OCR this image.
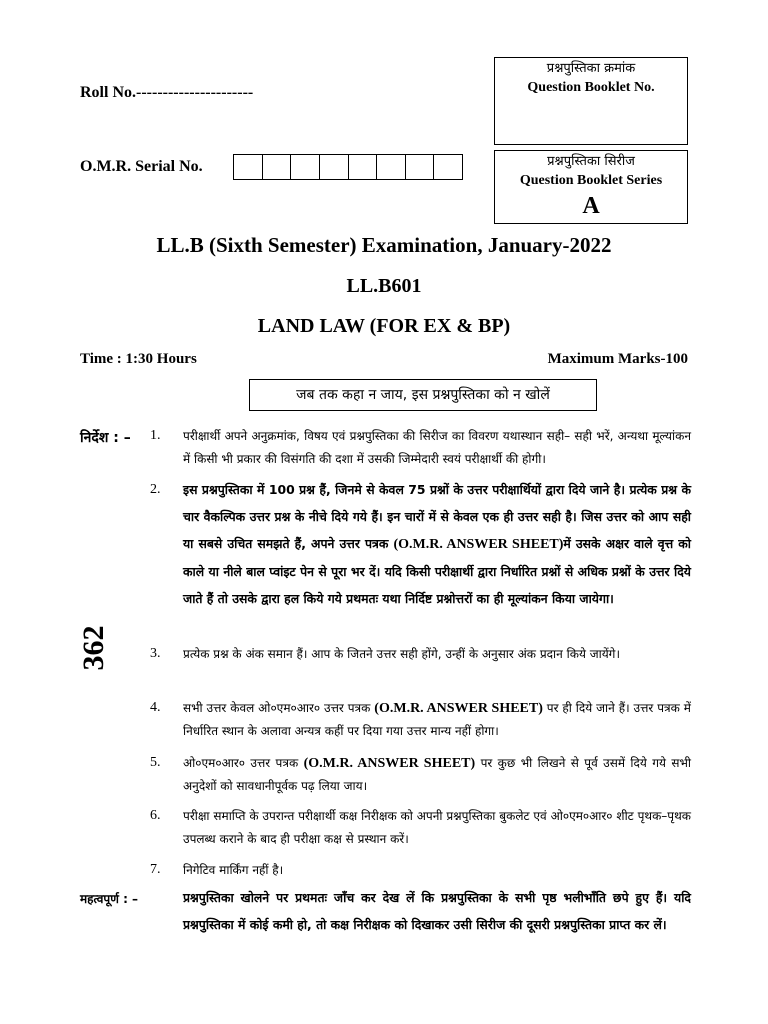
Roll No.----------------------
O.M.R. Serial No.
प्रश्नपुस्तिका क्रमांक
Question Booklet No.
प्रश्नपुस्तिका सिरीज
Question Booklet Series
A
LL.B (Sixth Semester) Examination, January-2022
LL.B601
LAND LAW (FOR EX & BP)
Time : 1:30 Hours	Maximum Marks-100
जब तक कहा न जाय, इस प्रश्नपुस्तिका को न खोलें
362
निर्देश : – 1. परीक्षार्थी अपने अनुक्रमांक, विषय एवं प्रश्नपुस्तिका की सिरीज का विवरण यथास्थान सही– सही भरें, अन्यथा मूल्यांकन में किसी भी प्रकार की विसंगति की दशा में उसकी जिम्मेदारी स्वयं परीक्षार्थी की होगी।
2. इस प्रश्नपुस्तिका में 100 प्रश्न हैं, जिनमे से केवल 75 प्रश्नों के उत्तर परीक्षार्थियों द्वारा दिये जाने है। प्रत्येक प्रश्न के चार वैकल्पिक उत्तर प्रश्न के नीचे दिये गये हैं। इन चारों में से केवल एक ही उत्तर सही है। जिस उत्तर को आप सही या सबसे उचित समझते हैं, अपने उत्तर पत्रक (O.M.R. ANSWER SHEET)में उसके अक्षर वाले वृत्त को काले या नीले बाल प्वांइट पेन से पूरा भर दें। यदि किसी परीक्षार्थी द्वारा निर्धारित प्रश्नों से अधिक प्रश्नों के उत्तर दिये जाते हैं तो उसके द्वारा हल किये गये प्रथमतः यथा निर्दिष्ट प्रश्नोत्तरों का ही मूल्यांकन किया जायेगा।
3. प्रत्येक प्रश्न के अंक समान हैं। आप के जितने उत्तर सही होंगे, उन्हीं के अनुसार अंक प्रदान किये जायेंगे।
4. सभी उत्तर केवल ओ०एम०आर० उत्तर पत्रक (O.M.R. ANSWER SHEET) पर ही दिये जाने हैं। उत्तर पत्रक में निर्धारित स्थान के अलावा अन्यत्र कहीं पर दिया गया उत्तर मान्य नहीं होगा।
5. ओ०एम०आर० उत्तर पत्रक (O.M.R. ANSWER SHEET) पर कुछ भी लिखने से पूर्व उसमें दिये गये सभी अनुदेशों को सावधानीपूर्वक पढ़ लिया जाय।
6. परीक्षा समाप्ति के उपरान्त परीक्षार्थी कक्ष निरीक्षक को अपनी प्रश्नपुस्तिका बुकलेट एवं ओ०एम०आर० शीट पृथक–पृथक उपलब्ध कराने के बाद ही परीक्षा कक्ष से प्रस्थान करें।
7. निगेटिव मार्किंग नहीं है।
महत्वपूर्ण : –	प्रश्नपुस्तिका खोलने पर प्रथमतः जाँच कर देख लें कि प्रश्नपुस्तिका के सभी पृष्ठ भलीभाँति छपे हुए हैं। यदि प्रश्नपुस्तिका में कोई कमी हो, तो कक्ष निरीक्षक को दिखाकर उसी सिरीज की दूसरी प्रश्नपुस्तिका प्राप्त कर लें।
